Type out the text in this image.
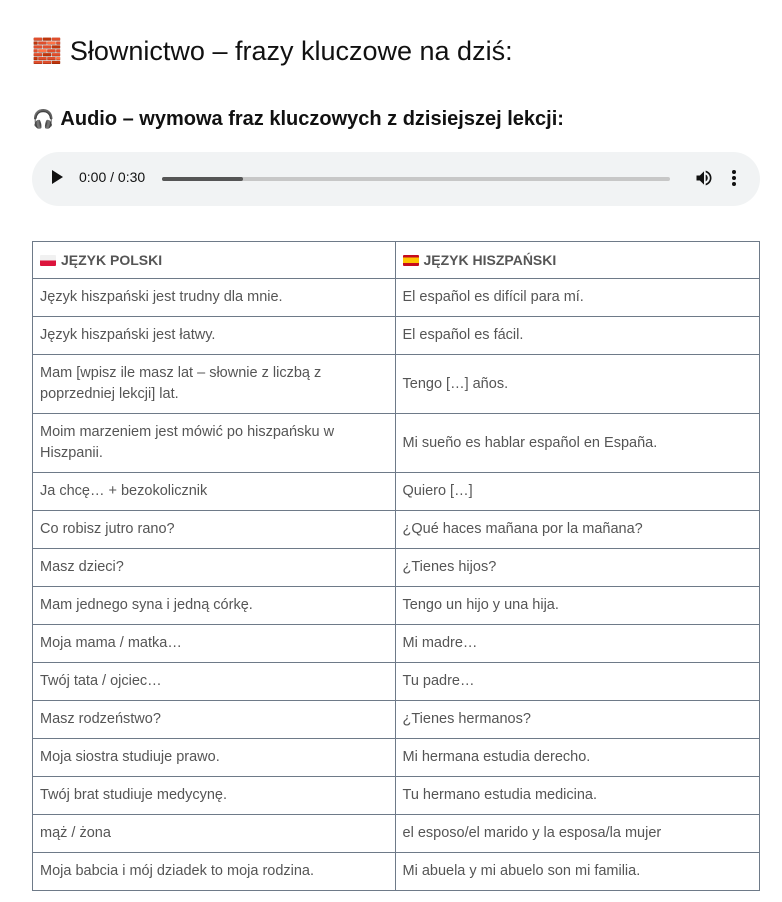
🧱 Słownictwo – frazy kluczowe na dziś:
🎧 Audio – wymowa fraz kluczowych z dzisiejszej lekcji:
0:00 / 0:30
JĘZYK POLSKI	JĘZYK HISZPAŃSKI
Język hiszpański jest trudny dla mnie.	El español es difícil para mí.
Język hiszpański jest łatwy.	El español es fácil.
Mam [wpisz ile masz lat – słownie z liczbą z poprzedniej lekcji] lat.	Tengo […] años.
Moim marzeniem jest mówić po hiszpańsku w Hiszpanii.	Mi sueño es hablar español en España.
Ja chcę… + bezokolicznik	Quiero […]
Co robisz jutro rano?	¿Qué haces mañana por la mañana?
Masz dzieci?	¿Tienes hijos?
Mam jednego syna i jedną córkę.	Tengo un hijo y una hija.
Moja mama / matka…	Mi madre…
Twój tata / ojciec…	Tu padre…
Masz rodzeństwo?	¿Tienes hermanos?
Moja siostra studiuje prawo.	Mi hermana estudia derecho.
Twój brat studiuje medycynę.	Tu hermano estudia medicina.
mąż / żona	el esposo/el marido y la esposa/la mujer
Moja babcia i mój dziadek to moja rodzina.	Mi abuela y mi abuelo son mi familia.
